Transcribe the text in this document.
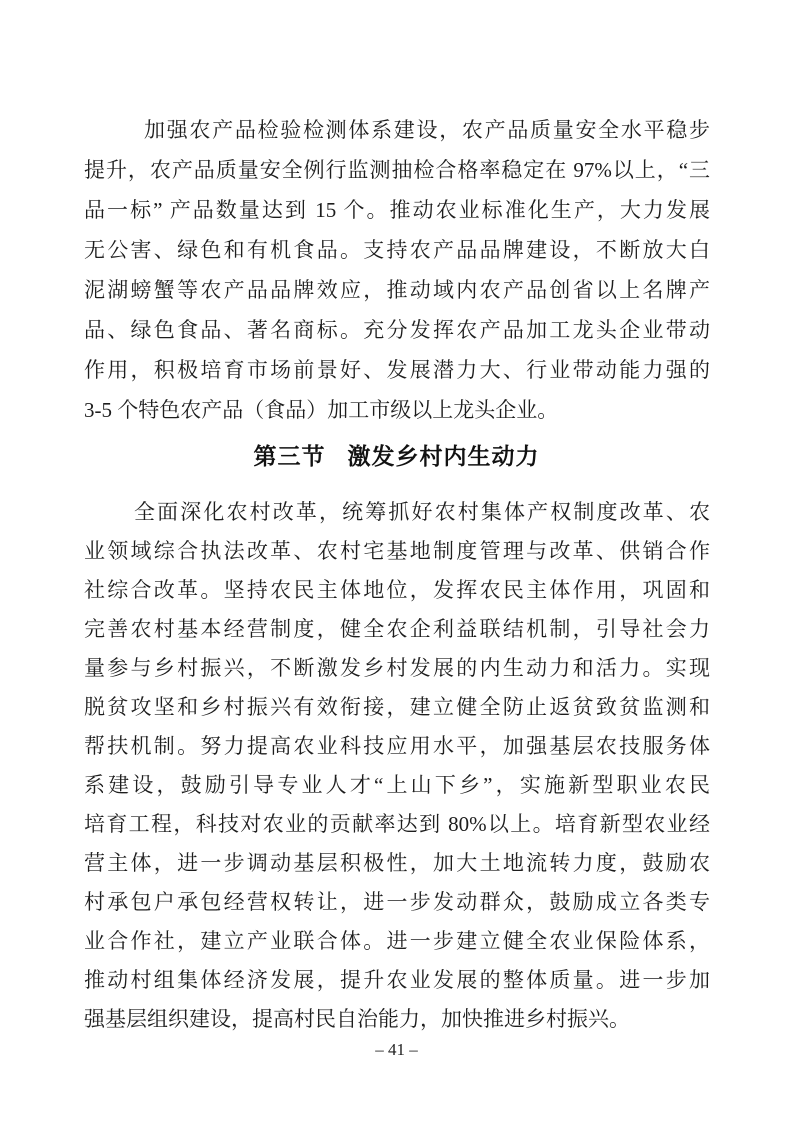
加强农产品检验检测体系建设，农产品质量安全水平稳步
提升，农产品质量安全例行监测抽检合格率稳定在 97%以上，“三
品一标” 产品数量达到 15 个。推动农业标准化生产，大力发展
无公害、绿色和有机食品。支持农产品品牌建设，不断放大白
泥湖螃蟹等农产品品牌效应，推动域内农产品创省以上名牌产
品、绿色食品、著名商标。充分发挥农产品加工龙头企业带动
作用，积极培育市场前景好、发展潜力大、行业带动能力强的
3-5 个特色农产品（食品）加工市级以上龙头企业。
第三节 激发乡村内生动力
全面深化农村改革，统筹抓好农村集体产权制度改革、农
业领域综合执法改革、农村宅基地制度管理与改革、供销合作
社综合改革。坚持农民主体地位，发挥农民主体作用，巩固和
完善农村基本经营制度，健全农企利益联结机制，引导社会力
量参与乡村振兴，不断激发乡村发展的内生动力和活力。实现
脱贫攻坚和乡村振兴有效衔接，建立健全防止返贫致贫监测和
帮扶机制。努力提高农业科技应用水平，加强基层农技服务体
系建设，鼓励引导专业人才“上山下乡”，实施新型职业农民
培育工程，科技对农业的贡献率达到 80%以上。培育新型农业经
营主体，进一步调动基层积极性，加大土地流转力度，鼓励农
村承包户承包经营权转让，进一步发动群众，鼓励成立各类专
业合作社，建立产业联合体。进一步建立健全农业保险体系，
推动村组集体经济发展，提升农业发展的整体质量。进一步加
强基层组织建设，提高村民自治能力，加快推进乡村振兴。
– 41 –
